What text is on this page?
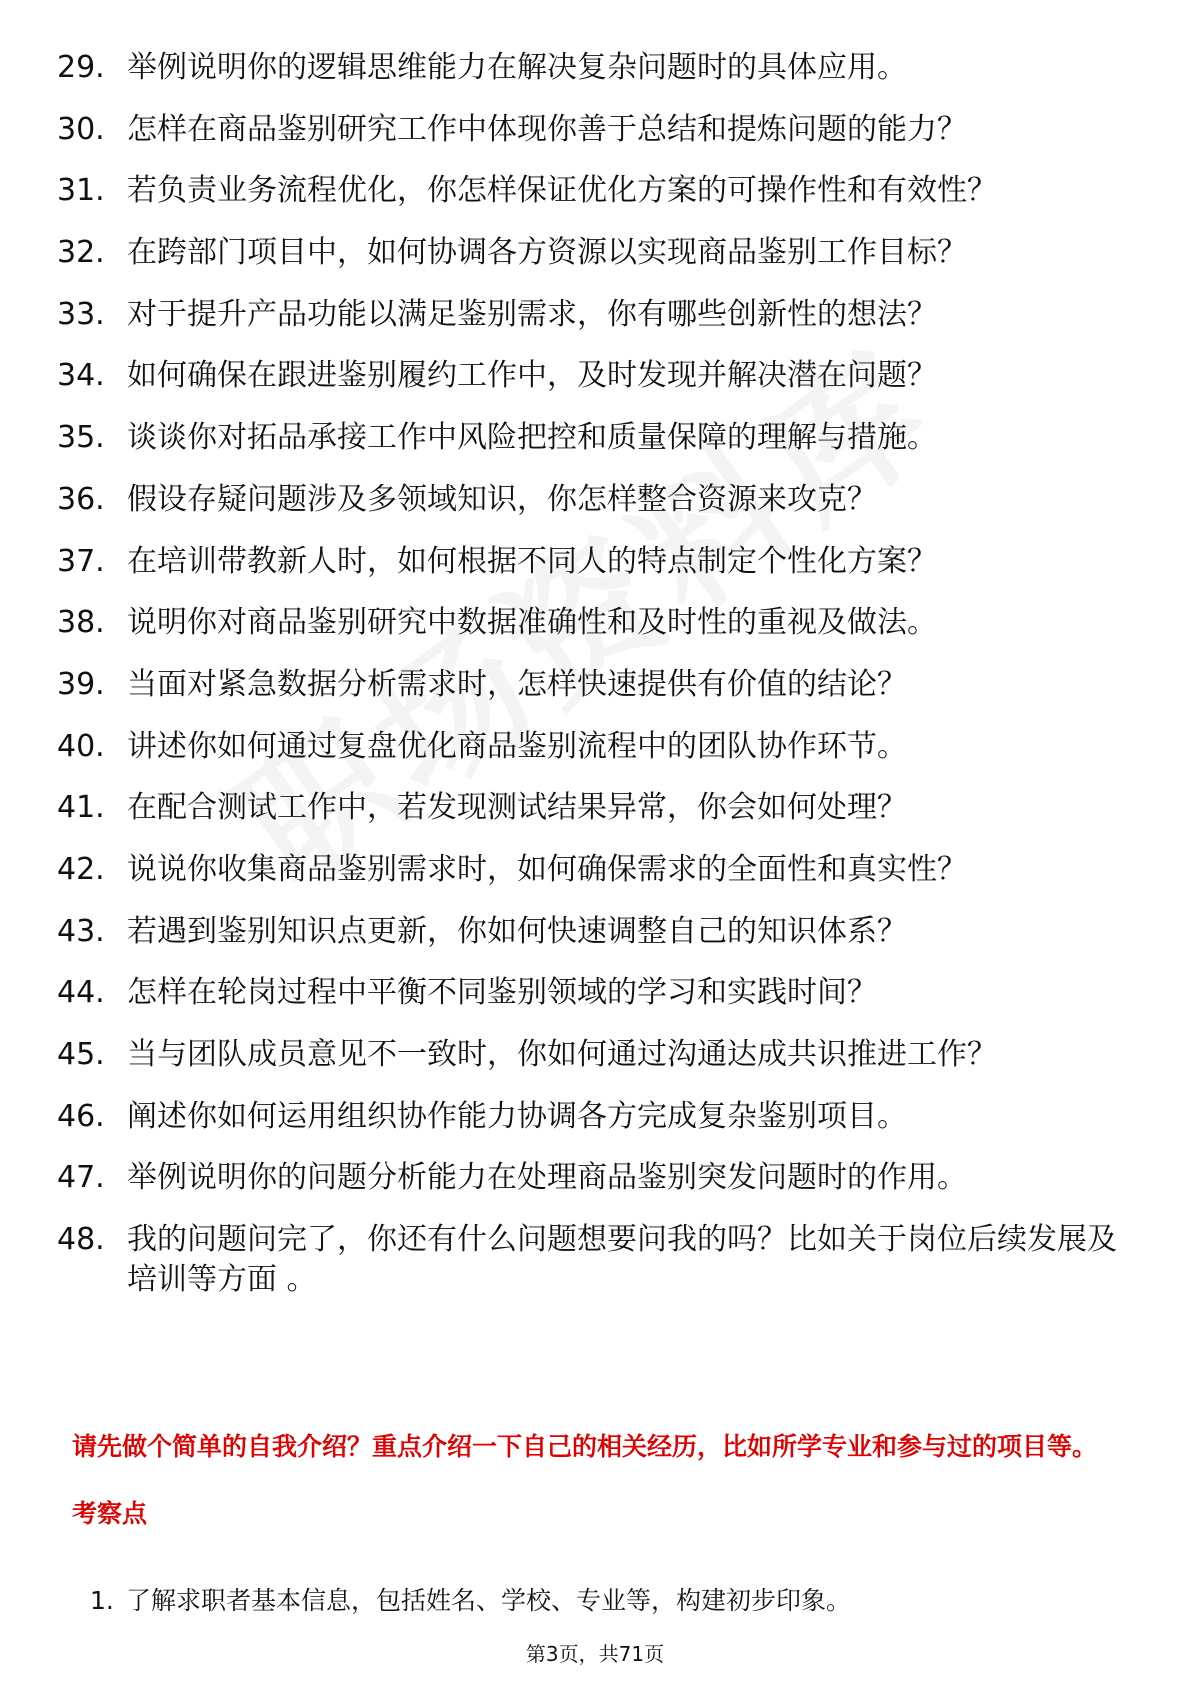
29. 举例说明你的逻辑思维能力在解决复杂问题时的具体应用。
30. 怎样在商品鉴别研究工作中体现你善于总结和提炼问题的能力？
31. 若负责业务流程优化，你怎样保证优化方案的可操作性和有效性？
32. 在跨部门项目中，如何协调各方资源以实现商品鉴别工作目标？
33. 对于提升产品功能以满足鉴别需求，你有哪些创新性的想法？
34. 如何确保在跟进鉴别履约工作中，及时发现并解决潜在问题？
35. 谈谈你对拓品承接工作中风险把控和质量保障的理解与措施。
36. 假设存疑问题涉及多领域知识，你怎样整合资源来攻克？
37. 在培训带教新人时，如何根据不同人的特点制定个性化方案？
38. 说明你对商品鉴别研究中数据准确性和及时性的重视及做法。
39. 当面对紧急数据分析需求时，怎样快速提供有价值的结论？
40. 讲述你如何通过复盘优化商品鉴别流程中的团队协作环节。
41. 在配合测试工作中，若发现测试结果异常，你会如何处理？
42. 说说你收集商品鉴别需求时，如何确保需求的全面性和真实性？
43. 若遇到鉴别知识点更新，你如何快速调整自己的知识体系？
44. 怎样在轮岗过程中平衡不同鉴别领域的学习和实践时间？
45. 当与团队成员意见不一致时，你如何通过沟通达成共识推进工作？
46. 阐述你如何运用组织协作能力协调各方完成复杂鉴别项目。
47. 举例说明你的问题分析能力在处理商品鉴别突发问题时的作用。
48. 我的问题问完了，你还有什么问题想要问我的吗？比如关于岗位后续发展及培训等方面 。
请先做个简单的自我介绍？重点介绍一下自己的相关经历，比如所学专业和参与过的项目等。
考察点
1. 了解求职者基本信息，包括姓名、学校、专业等，构建初步印象。
第3页，共71页
